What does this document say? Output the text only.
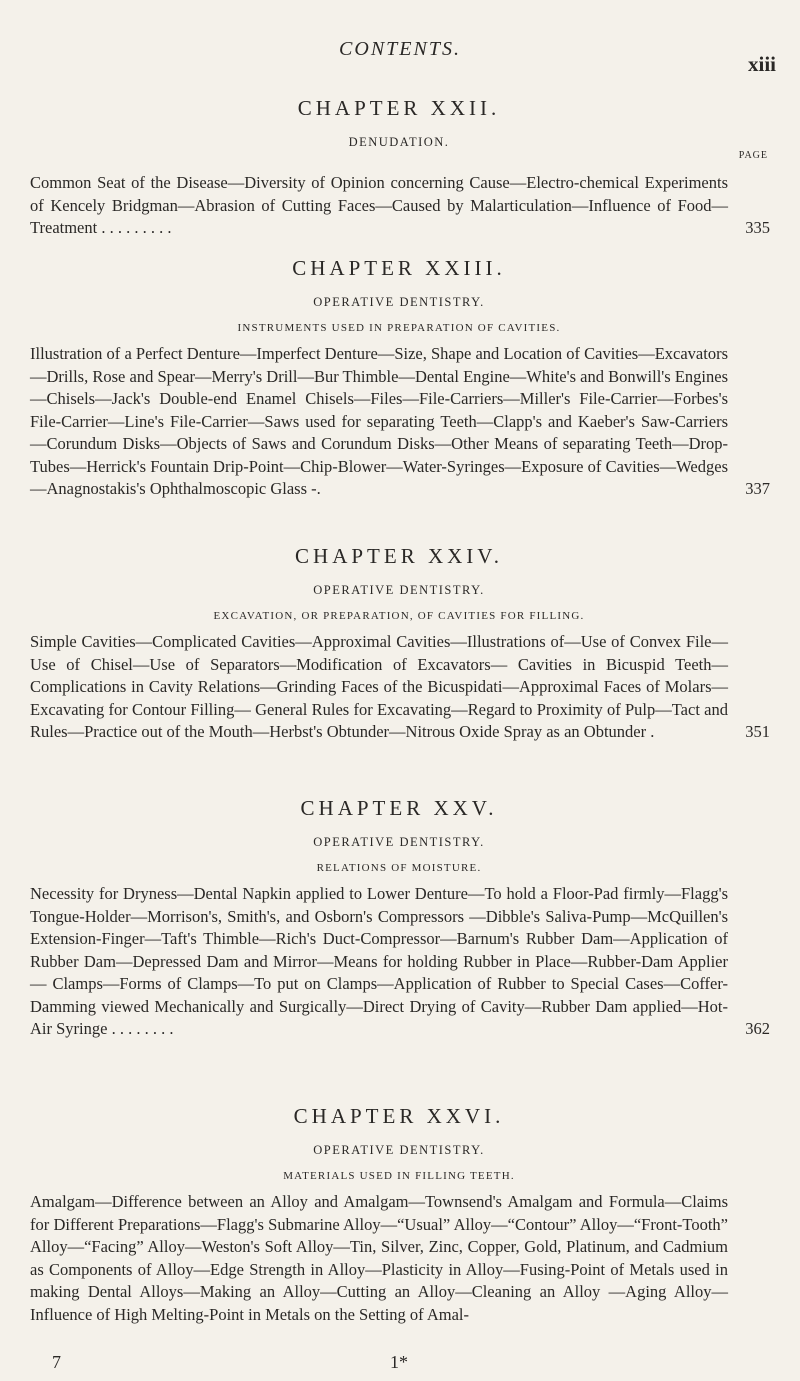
CONTENTS.
xiii
PAGE
CHAPTER XXII.
DENUDATION.
Common Seat of the Disease—Diversity of Opinion concerning Cause—Electro-chemical Experiments of Kencely Bridgman—Abrasion of Cutting Faces—Caused by Malarticulation—Influence of Food—Treatment . . . . . . . . .	335
CHAPTER XXIII.
OPERATIVE DENTISTRY.
INSTRUMENTS USED IN PREPARATION OF CAVITIES.
Illustration of a Perfect Denture—Imperfect Denture—Size, Shape and Location of Cavities—Excavators—Drills, Rose and Spear—Merry's Drill—Bur Thimble—Dental Engine—White's and Bonwill's Engines—Chisels—Jack's Double-end Enamel Chisels—Files—File-Carriers—Miller's File-Carrier—Forbes's File-Carrier—Line's File-Carrier—Saws used for separating Teeth—Clapp's and Kaeber's Saw-Carriers —Corundum Disks—Objects of Saws and Corundum Disks—Other Means of separating Teeth—Drop-Tubes—Herrick's Fountain Drip-Point—Chip-Blower—Water-Syringes—Exposure of Cavities—Wedges—Anagnostakis's Ophthalmoscopic Glass -.	337
CHAPTER XXIV.
OPERATIVE DENTISTRY.
EXCAVATION, OR PREPARATION, OF CAVITIES FOR FILLING.
Simple Cavities—Complicated Cavities—Approximal Cavities—Illustrations of—Use of Convex File—Use of Chisel—Use of Separators—Modification of Excavators— Cavities in Bicuspid Teeth—Complications in Cavity Relations—Grinding Faces of the Bicuspidati—Approximal Faces of Molars—Excavating for Contour Filling— General Rules for Excavating—Regard to Proximity of Pulp—Tact and Rules—Practice out of the Mouth—Herbst's Obtunder—Nitrous Oxide Spray as an Obtunder .	351
CHAPTER XXV.
OPERATIVE DENTISTRY.
RELATIONS OF MOISTURE.
Necessity for Dryness—Dental Napkin applied to Lower Denture—To hold a Floor-Pad firmly—Flagg's Tongue-Holder—Morrison's, Smith's, and Osborn's Compressors —Dibble's Saliva-Pump—McQuillen's Extension-Finger—Taft's Thimble—Rich's Duct-Compressor—Barnum's Rubber Dam—Application of Rubber Dam—Depressed Dam and Mirror—Means for holding Rubber in Place—Rubber-Dam Applier— Clamps—Forms of Clamps—To put on Clamps—Application of Rubber to Special Cases—Coffer-Damming viewed Mechanically and Surgically—Direct Drying of Cavity—Rubber Dam applied—Hot-Air Syringe . . . . . . . .	362
CHAPTER XXVI.
OPERATIVE DENTISTRY.
MATERIALS USED IN FILLING TEETH.
Amalgam—Difference between an Alloy and Amalgam—Townsend's Amalgam and Formula—Claims for Different Preparations—Flagg's Submarine Alloy—“Usual” Alloy—“Contour” Alloy—“Front-Tooth” Alloy—“Facing” Alloy—Weston's Soft Alloy—Tin, Silver, Zinc, Copper, Gold, Platinum, and Cadmium as Components of Alloy—Edge Strength in Alloy—Plasticity in Alloy—Fusing-Point of Metals used in making Dental Alloys—Making an Alloy—Cutting an Alloy—Cleaning an Alloy —Aging Alloy—Influence of High Melting-Point in Metals on the Setting of Amal-
7	1*
